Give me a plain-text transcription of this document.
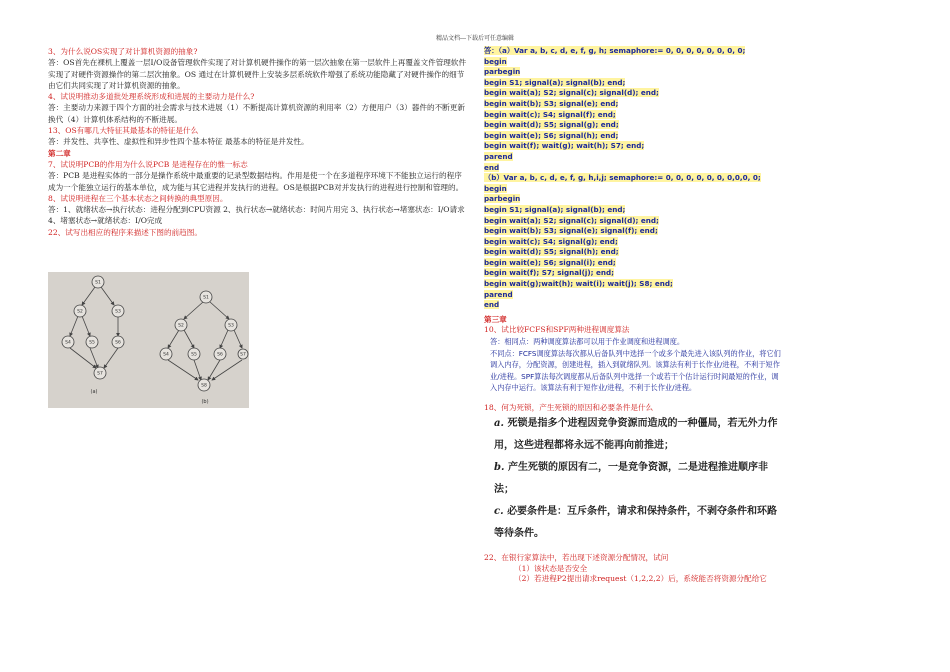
精品文档---下载后可任意编辑
3、为什么说OS实现了对计算机资源的抽象?
答：OS首先在裸机上覆盖一层I/O设备管理软件实现了对计算机硬件操作的第一层次抽象在第一层软件上再覆盖文件管理软件实现了对硬件资源操作的第二层次抽象。OS 通过在计算机硬件上安装多层系统软件增强了系统功能隐藏了对硬件操作的细节由它们共同实现了对计算机资源的抽象。
4、试说明推动多道批处理系统形成和进展的主要动力是什么?
答：主要动力来源于四个方面的社会需求与技术进展（1）不断提高计算机资源的利用率（2）方便用户（3）器件的不断更新换代（4）计算机体系结构的不断进展。
13、OS有哪几大特征其最基本的特征是什么
答：并发性、共享性、虚拟性和异步性四个基本特征 最基本的特征是并发性。
第二章
7、试说明PCB的作用为什么说PCB 是进程存在的惟一标志
答：PCB 是进程实体的一部分是操作系统中最重要的记录型数据结构。作用是使一个在多道程序环境下不能独立运行的程序成为一个能独立运行的基本单位，成为能与其它进程并发执行的进程。OS是根据PCB对并发执行的进程进行控制和管理的。
8、试说明进程在三个基本状态之间转换的典型原因。
答：1、就绪状态→执行状态：进程分配到CPU资源 2、执行状态→就绪状态：时间片用完 3、执行状态→堵塞状态：I/O请求 4、堵塞状态→就绪状态：I/O完成
22、试写出相应的程序来描述下图的前趋图。
S1
S2	S3
S4	S5	S6
S7
S1
S2	S3
S4	S5	S6	S7
S8
(a)
(b)
答：（a）Var a, b, c, d, e, f, g, h; semaphore:= 0, 0, 0, 0, 0, 0, 0, 0;
begin
parbegin
begin S1; signal(a); signal(b); end;
begin wait(a); S2; signal(c); signal(d); end;
begin wait(b); S3; signal(e); end;
begin wait(c); S4; signal(f); end;
begin wait(d); S5; signal(g); end;
begin wait(e); S6; signal(h); end;
begin wait(f); wait(g); wait(h); S7; end;
parend
end
（b）Var a, b, c, d, e, f, g, h,i,j; semaphore:= 0, 0, 0, 0, 0, 0, 0,0,0, 0;
begin
parbegin
begin S1; signal(a); signal(b); end;
begin wait(a); S2; signal(c); signal(d); end;
begin wait(b); S3; signal(e); signal(f); end;
begin wait(c); S4; signal(g); end;
begin wait(d); S5; signal(h); end;
begin wait(e); S6; signal(i); end;
begin wait(f); S7; signal(j); end;
begin wait(g);wait(h); wait(i); wait(j); S8; end;
parend
end
第三章
10、试比较FCFS和SPF两种进程调度算法
答：相同点：两种调度算法都可以用于作业调度和进程调度。
不同点：FCFS调度算法每次都从后备队列中选择一个或多个最先进入该队列的作业，将它们调入内存，分配资源，创建进程，插入到就绪队列。该算法有利于长作业/进程，不利于短作业/进程。SPF算法每次调度都从后备队列中选择一个或若干个估计运行时间最短的作业，调入内存中运行。该算法有利于短作业/进程，不利于长作业/进程。
18、何为死锁，产生死锁的原因和必要条件是什么
a. 死锁是指多个进程因竞争资源而造成的一种僵局，若无外力作用，这些进程都将永远不能再向前推进；
b. 产生死锁的原因有二，一是竞争资源，二是进程推进顺序非法；
c. 必要条件是：互斥条件，请求和保持条件，不剥夺条件和环路等待条件。
22、在银行家算法中，若出现下述资源分配情况，试问
（1）该状态是否安全
（2）若进程P2提出请求request（1,2,2,2）后，系统能否将资源分配给它
